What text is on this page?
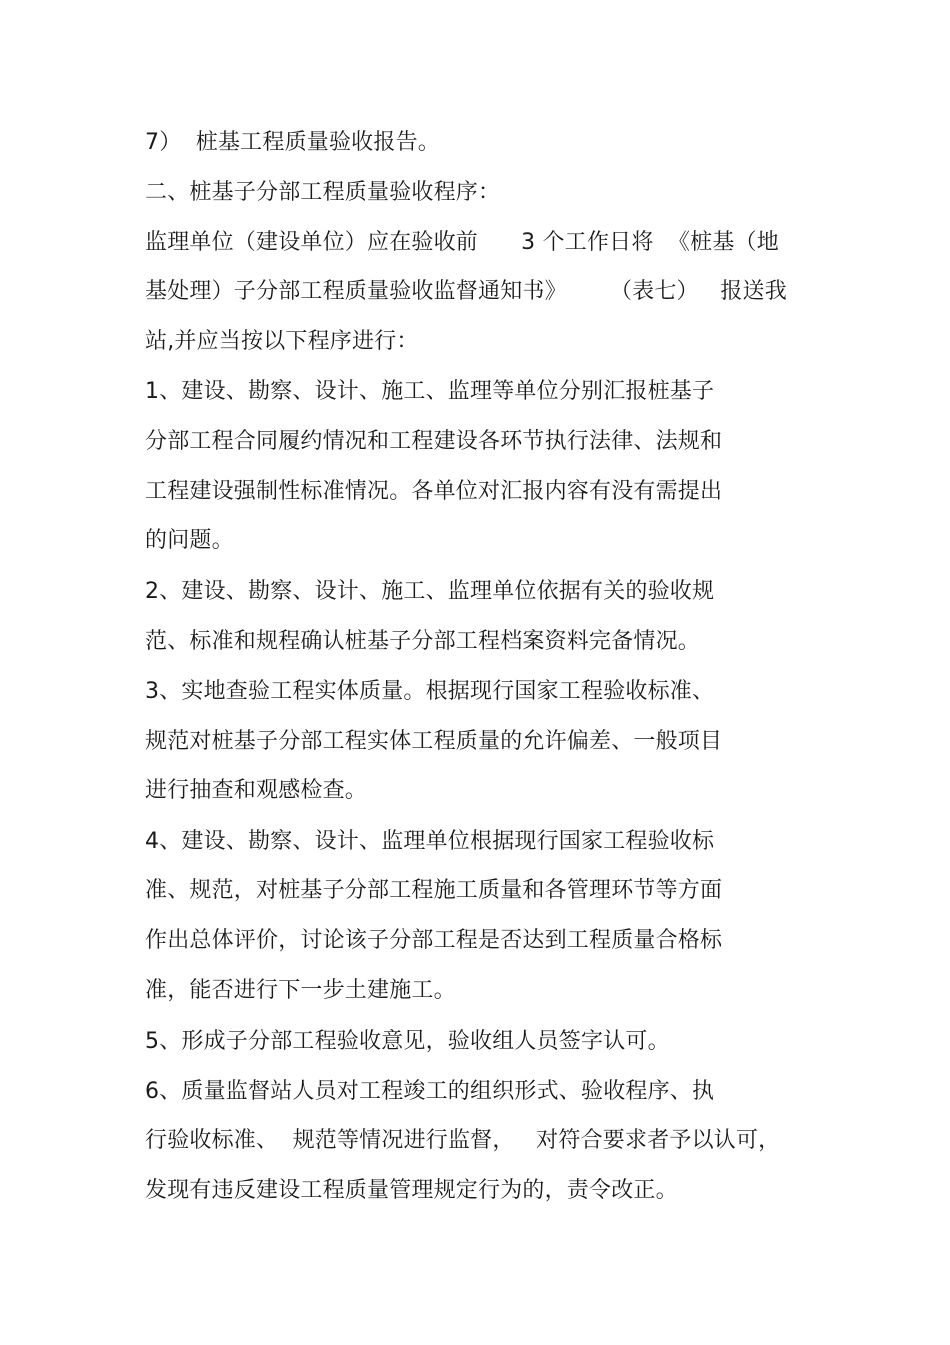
7）  桩基工程质量验收报告。
二、桩基子分部工程质量验收程序：
监理单位（建设单位）应在验收前      3 个工作日将  《桩基（地
基处理）子分部工程质量验收监督通知书》      （表七）   报送我
站,并应当按以下程序进行：
1、建设、勘察、设计、施工、监理等单位分别汇报桩基子
分部工程合同履约情况和工程建设各环节执行法律、法规和
工程建设强制性标准情况。各单位对汇报内容有没有需提出
的问题。
2、建设、勘察、设计、施工、监理单位依据有关的验收规
范、标准和规程确认桩基子分部工程档案资料完备情况。
3、实地查验工程实体质量。根据现行国家工程验收标准、
规范对桩基子分部工程实体工程质量的允许偏差、一般项目
进行抽查和观感检查。
4、建设、勘察、设计、监理单位根据现行国家工程验收标
准、规范，对桩基子分部工程施工质量和各管理环节等方面
作出总体评价，讨论该子分部工程是否达到工程质量合格标
准，能否进行下一步土建施工。
5、形成子分部工程验收意见，验收组人员签字认可。
6、质量监督站人员对工程竣工的组织形式、验收程序、执
行验收标准、  规范等情况进行监督，   对符合要求者予以认可，
发现有违反建设工程质量管理规定行为的，责令改正。
